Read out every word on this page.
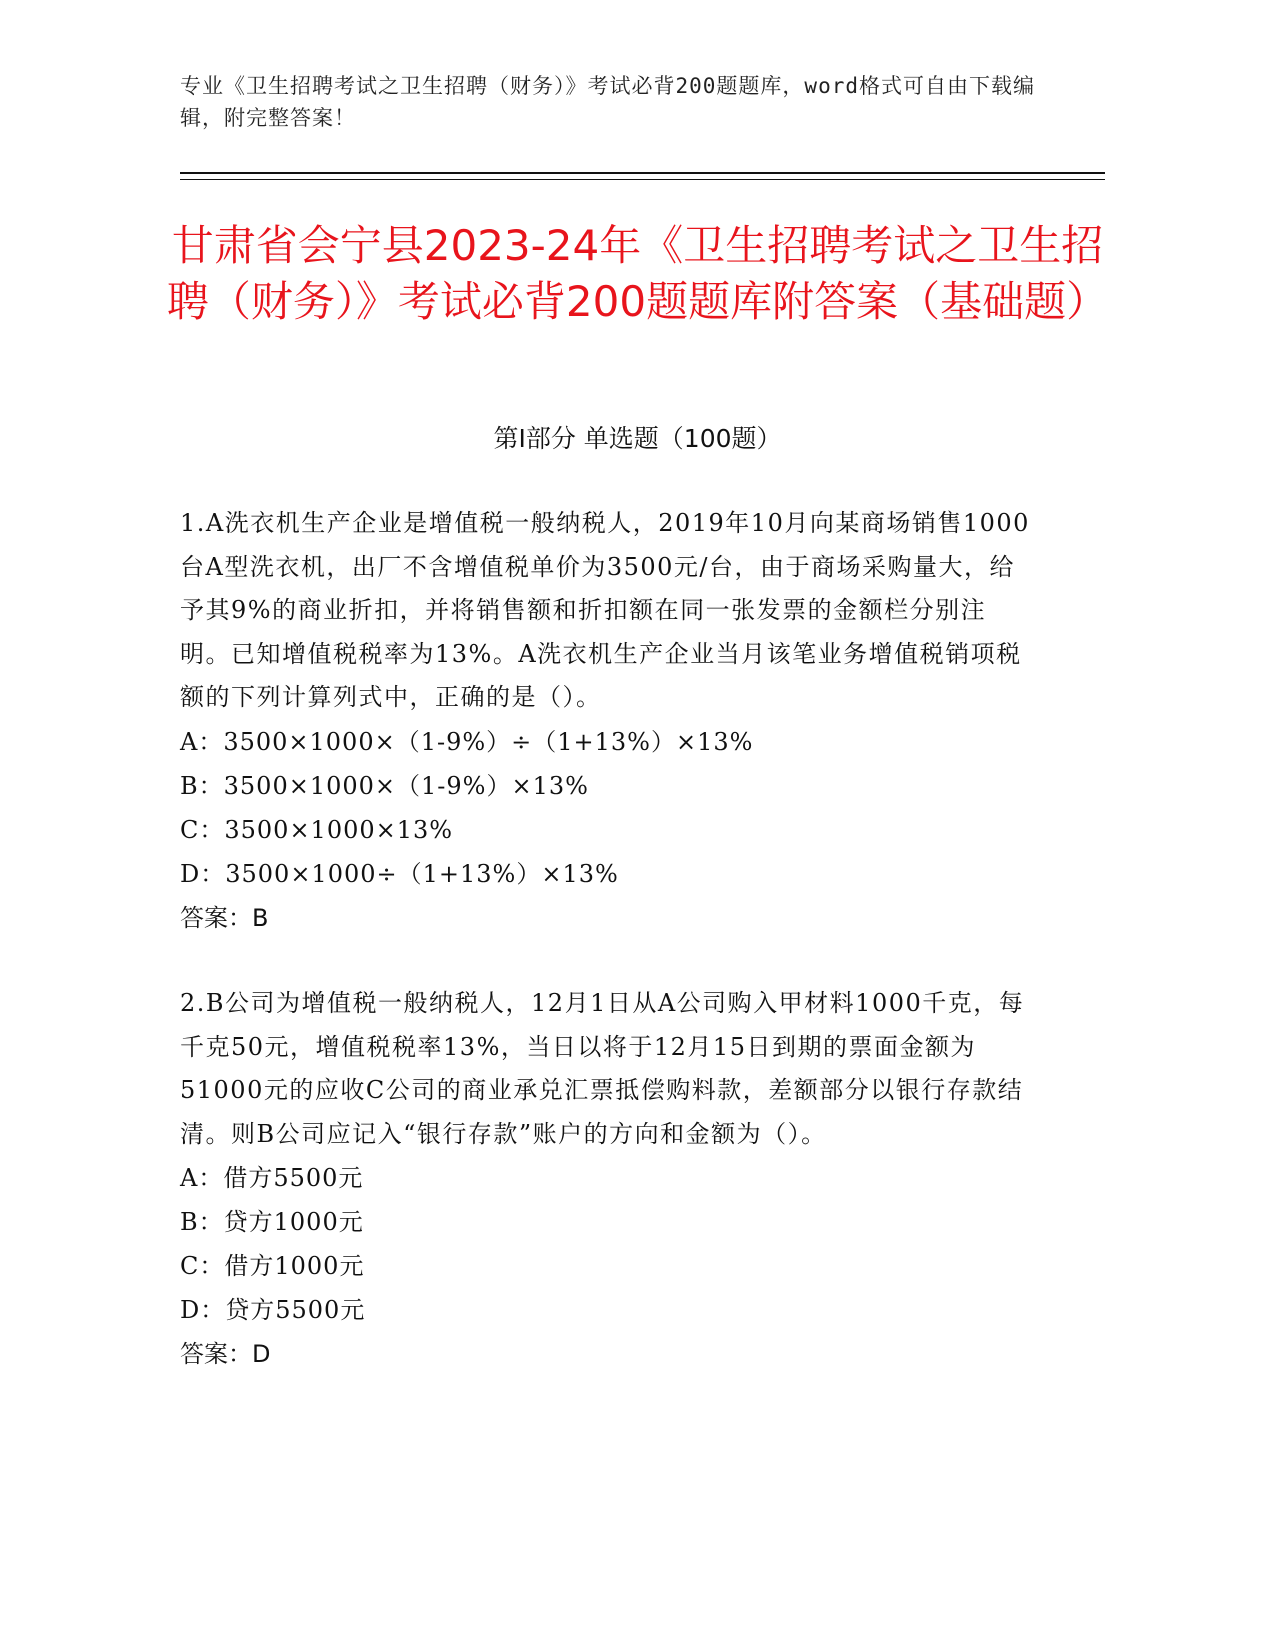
专业《卫生招聘考试之卫生招聘（财务）》考试必背200题题库，word格式可自由下载编辑，附完整答案！
甘肃省会宁县2023-24年《卫生招聘考试之卫生招聘（财务）》考试必背200题题库附答案（基础题）
第Ⅰ部分 单选题（100题）
1.A洗衣机生产企业是增值税一般纳税人，2019年10月向某商场销售1000台A型洗衣机，出厂不含增值税单价为3500元/台，由于商场采购量大，给予其9%的商业折扣，并将销售额和折扣额在同一张发票的金额栏分别注明。已知增值税税率为13%。A洗衣机生产企业当月该笔业务增值税销项税额的下列计算列式中，正确的是（）。
A：3500×1000×（1-9%）÷（1+13%）×13%
B：3500×1000×（1-9%）×13%
C：3500×1000×13%
D：3500×1000÷（1+13%）×13%
答案：B
2.B公司为增值税一般纳税人，12月1日从A公司购入甲材料1000千克，每千克50元，增值税税率13%，当日以将于12月15日到期的票面金额为51000元的应收C公司的商业承兑汇票抵偿购料款，差额部分以银行存款结清。则B公司应记入“银行存款”账户的方向和金额为（）。
A：借方5500元
B：贷方1000元
C：借方1000元
D：贷方5500元
答案：D
